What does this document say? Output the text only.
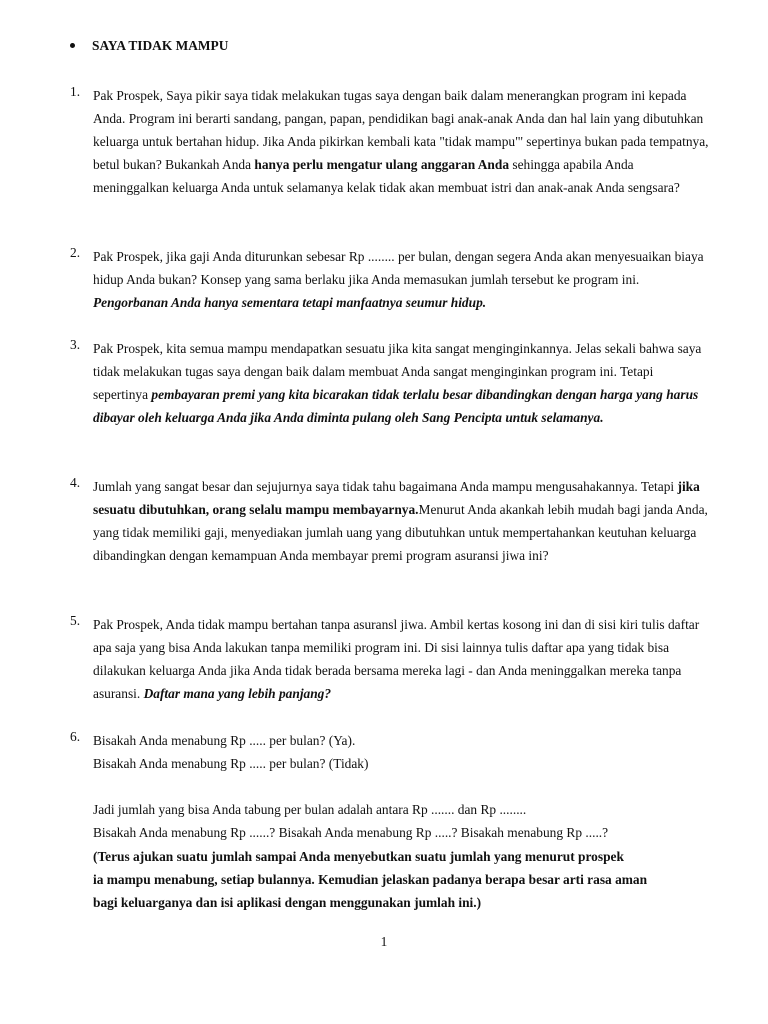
SAYA TIDAK MAMPU
1. Pak Prospek, Saya pikir saya tidak melakukan tugas saya dengan baik dalam menerangkan program ini kepada Anda. Program ini berarti sandang, pangan, papan, pendidikan bagi anak-anak Anda dan hal lain yang dibutuhkan keluarga untuk bertahan hidup. Jika Anda pikirkan kembali kata "tidak mampu"' sepertinya bukan pada tempatnya, betul bukan? Bukankah Anda hanya perlu mengatur ulang anggaran Anda sehingga apabila Anda meninggalkan keluarga Anda untuk selamanya kelak tidak akan membuat istri dan anak-anak Anda sengsara?
2. Pak Prospek, jika gaji Anda diturunkan sebesar Rp ........ per bulan, dengan segera Anda akan menyesuaikan biaya hidup Anda bukan? Konsep yang sama berlaku jika Anda memasukan jumlah tersebut ke program ini. Pengorbanan Anda hanya sementara tetapi manfaatnya seumur hidup.
3. Pak Prospek, kita semua mampu mendapatkan sesuatu jika kita sangat menginginkannya. Jelas sekali bahwa saya tidak melakukan tugas saya dengan baik dalam membuat Anda sangat menginginkan program ini. Tetapi sepertinya pembayaran premi yang kita bicarakan tidak terlalu besar dibandingkan dengan harga yang harus dibayar oleh keluarga Anda jika Anda diminta pulang oleh Sang Pencipta untuk selamanya.
4. Jumlah yang sangat besar dan sejujurnya saya tidak tahu bagaimana Anda mampu mengusahakannya. Tetapi jika sesuatu dibutuhkan, orang selalu mampu membayarnya.Menurut Anda akankah lebih mudah bagi janda Anda, yang tidak memiliki gaji, menyediakan jumlah uang yang dibutuhkan untuk mempertahankan keutuhan keluarga dibandingkan dengan kemampuan Anda membayar premi program asuransi jiwa ini?
5. Pak Prospek, Anda tidak mampu bertahan tanpa asuransl jiwa. Ambil kertas kosong ini dan di sisi kiri tulis daftar apa saja yang bisa Anda lakukan tanpa memiliki program ini. Di sisi lainnya tulis daftar apa yang tidak bisa dilakukan keluarga Anda jika Anda tidak berada bersama mereka lagi - dan Anda meninggalkan mereka tanpa asuransi. Daftar mana yang lebih panjang?
6. Bisakah Anda menabung Rp ..... per bulan? (Ya).
Bisakah Anda menabung Rp ..... per bulan? (Tidak)
Jadi jumlah yang bisa Anda tabung per bulan adalah antara Rp ....... dan Rp ........
Bisakah Anda menabung Rp ......? Bisakah Anda menabung Rp .....? Bisakah menabung Rp .....?
(Terus ajukan suatu jumlah sampai Anda menyebutkan suatu jumlah yang menurut prospek
ia mampu menabung, setiap bulannya. Kemudian jelaskan padanya berapa besar arti rasa aman
bagi keluarganya dan isi aplikasi dengan menggunakan jumlah ini.)
1
